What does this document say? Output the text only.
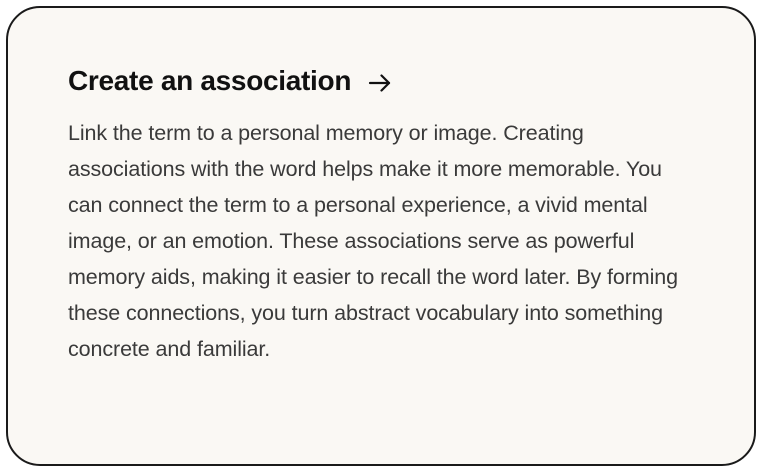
Create an association
Link the term to a personal memory or image. Creating associations with the word helps make it more memorable. You can connect the term to a personal experience, a vivid mental image, or an emotion. These associations serve as powerful memory aids, making it easier to recall the word later. By forming these connections, you turn abstract vocabulary into something concrete and familiar.
